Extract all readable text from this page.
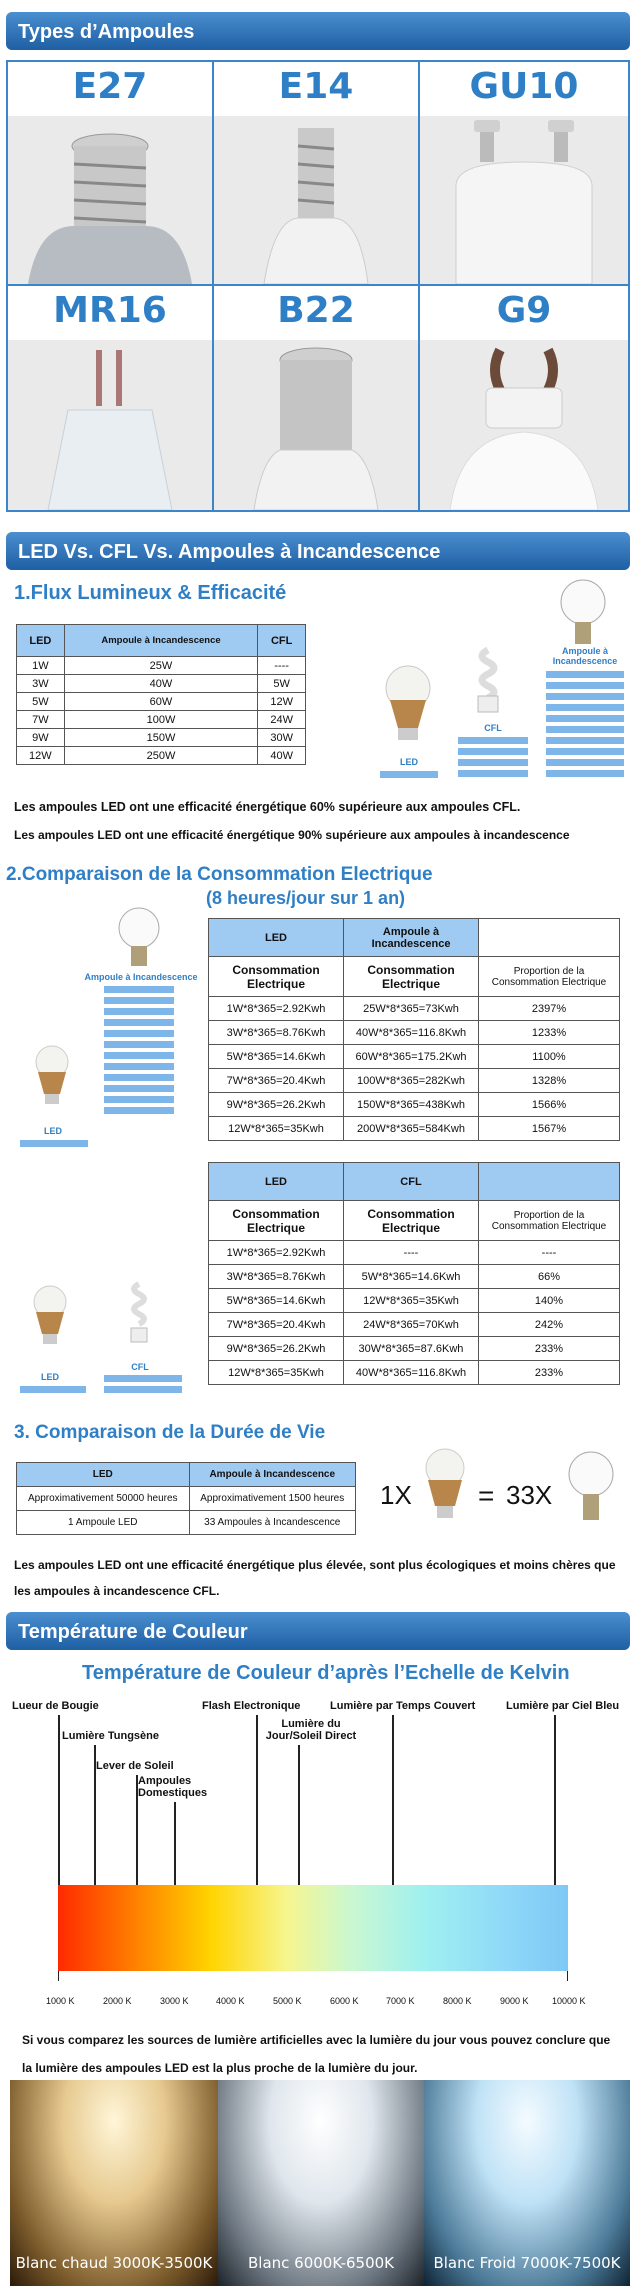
Types d’Ampoules
E27	E14	GU10
MR16	B22	G9
LED Vs. CFL Vs. Ampoules à Incandescence
1.Flux Lumineux & Efficacité
LED	Ampoule à Incandescence	CFL
1W	25W	----
3W	40W	5W
5W	60W	12W
7W	100W	24W
9W	150W	30W
12W	250W	40W
LED
CFL
Ampoule à Incandescence
Les ampoules LED ont une efficacité énergétique 60% supérieure aux ampoules CFL.
Les ampoules LED ont une efficacité énergétique 90% supérieure aux ampoules à incandescence
2.Comparaison de la Consommation Electrique
(8 heures/jour sur 1 an)
Ampoule à Incandescence
LED
LED	Ampoule à Incandescence	
Consommation Electrique	Consommation Electrique	Proportion de la Consommation Electrique
1W*8*365=2.92Kwh	25W*8*365=73Kwh	2397%
3W*8*365=8.76Kwh	40W*8*365=116.8Kwh	1233%
5W*8*365=14.6Kwh	60W*8*365=175.2Kwh	1100%
7W*8*365=20.4Kwh	100W*8*365=282Kwh	1328%
9W*8*365=26.2Kwh	150W*8*365=438Kwh	1566%
12W*8*365=35Kwh	200W*8*365=584Kwh	1567%
LED	CFL	
Consommation Electrique	Consommation Electrique	Proportion de la Consommation Electrique
1W*8*365=2.92Kwh	----	----
3W*8*365=8.76Kwh	5W*8*365=14.6Kwh	66%
5W*8*365=14.6Kwh	12W*8*365=35Kwh	140%
7W*8*365=20.4Kwh	24W*8*365=70Kwh	242%
9W*8*365=26.2Kwh	30W*8*365=87.6Kwh	233%
12W*8*365=35Kwh	40W*8*365=116.8Kwh	233%
LED
CFL
3. Comparaison de la Durée de Vie
LED	Ampoule à Incandescence
Approximativement 50000 heures	Approximativement 1500 heures
1 Ampoule LED	33 Ampoules à Incandescence
1X = 33X
Les ampoules LED ont une efficacité énergétique plus élevée, sont plus écologiques et moins chères que les ampoules à incandescence CFL.
Température de Couleur
Température de Couleur d’après l’Echelle de Kelvin
Lueur de Bougie
Lumière Tungsène
Lever de Soleil
Ampoules Domestiques
Flash Electronique
Lumière du Jour/Soleil Direct
Lumière par Temps Couvert	Lumière par Ciel Bleu
1000 K	2000 K	3000 K	4000 K	5000 K	6000 K	7000 K	8000 K	9000 K	10000 K
Si vous comparez les sources de lumière artificielles avec la lumière du jour vous pouvez conclure que la lumière des ampoules LED est la plus proche de la lumière du jour.
Blanc chaud 3000K-3500K	Blanc 6000K-6500K	Blanc Froid 7000K-7500K
